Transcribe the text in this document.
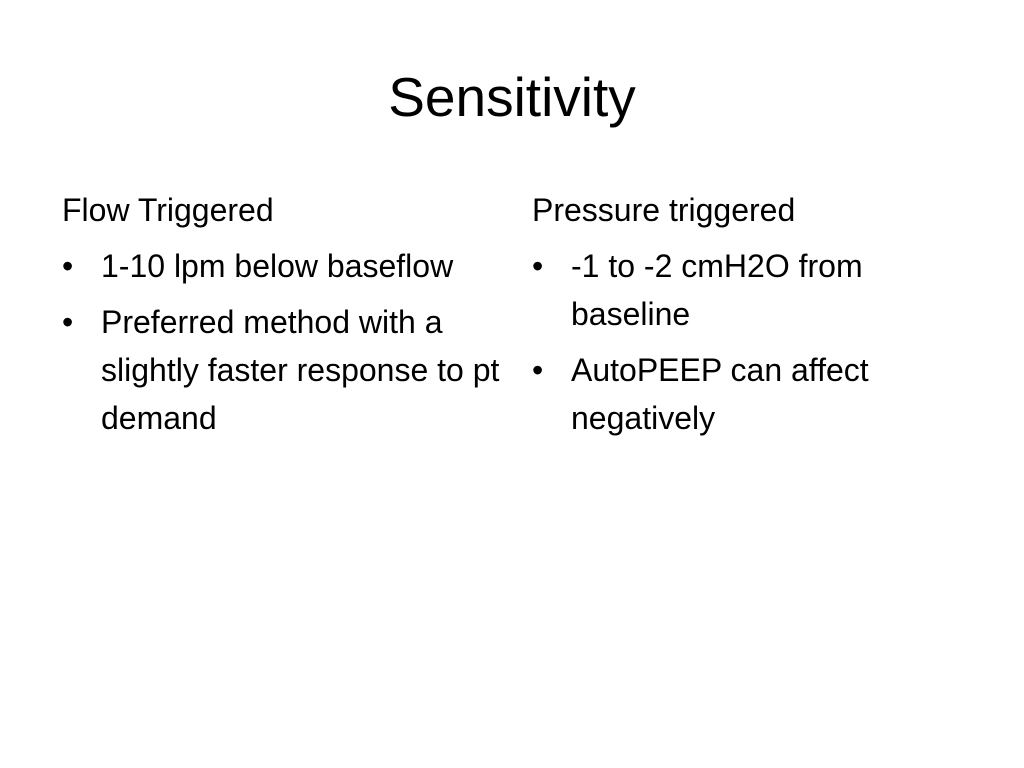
Sensitivity
Flow Triggered
• 1-10 lpm below baseflow
• Preferred method with a slightly faster response to pt demand
Pressure triggered
• -1 to -2 cmH2O from baseline
• AutoPEEP can affect negatively
